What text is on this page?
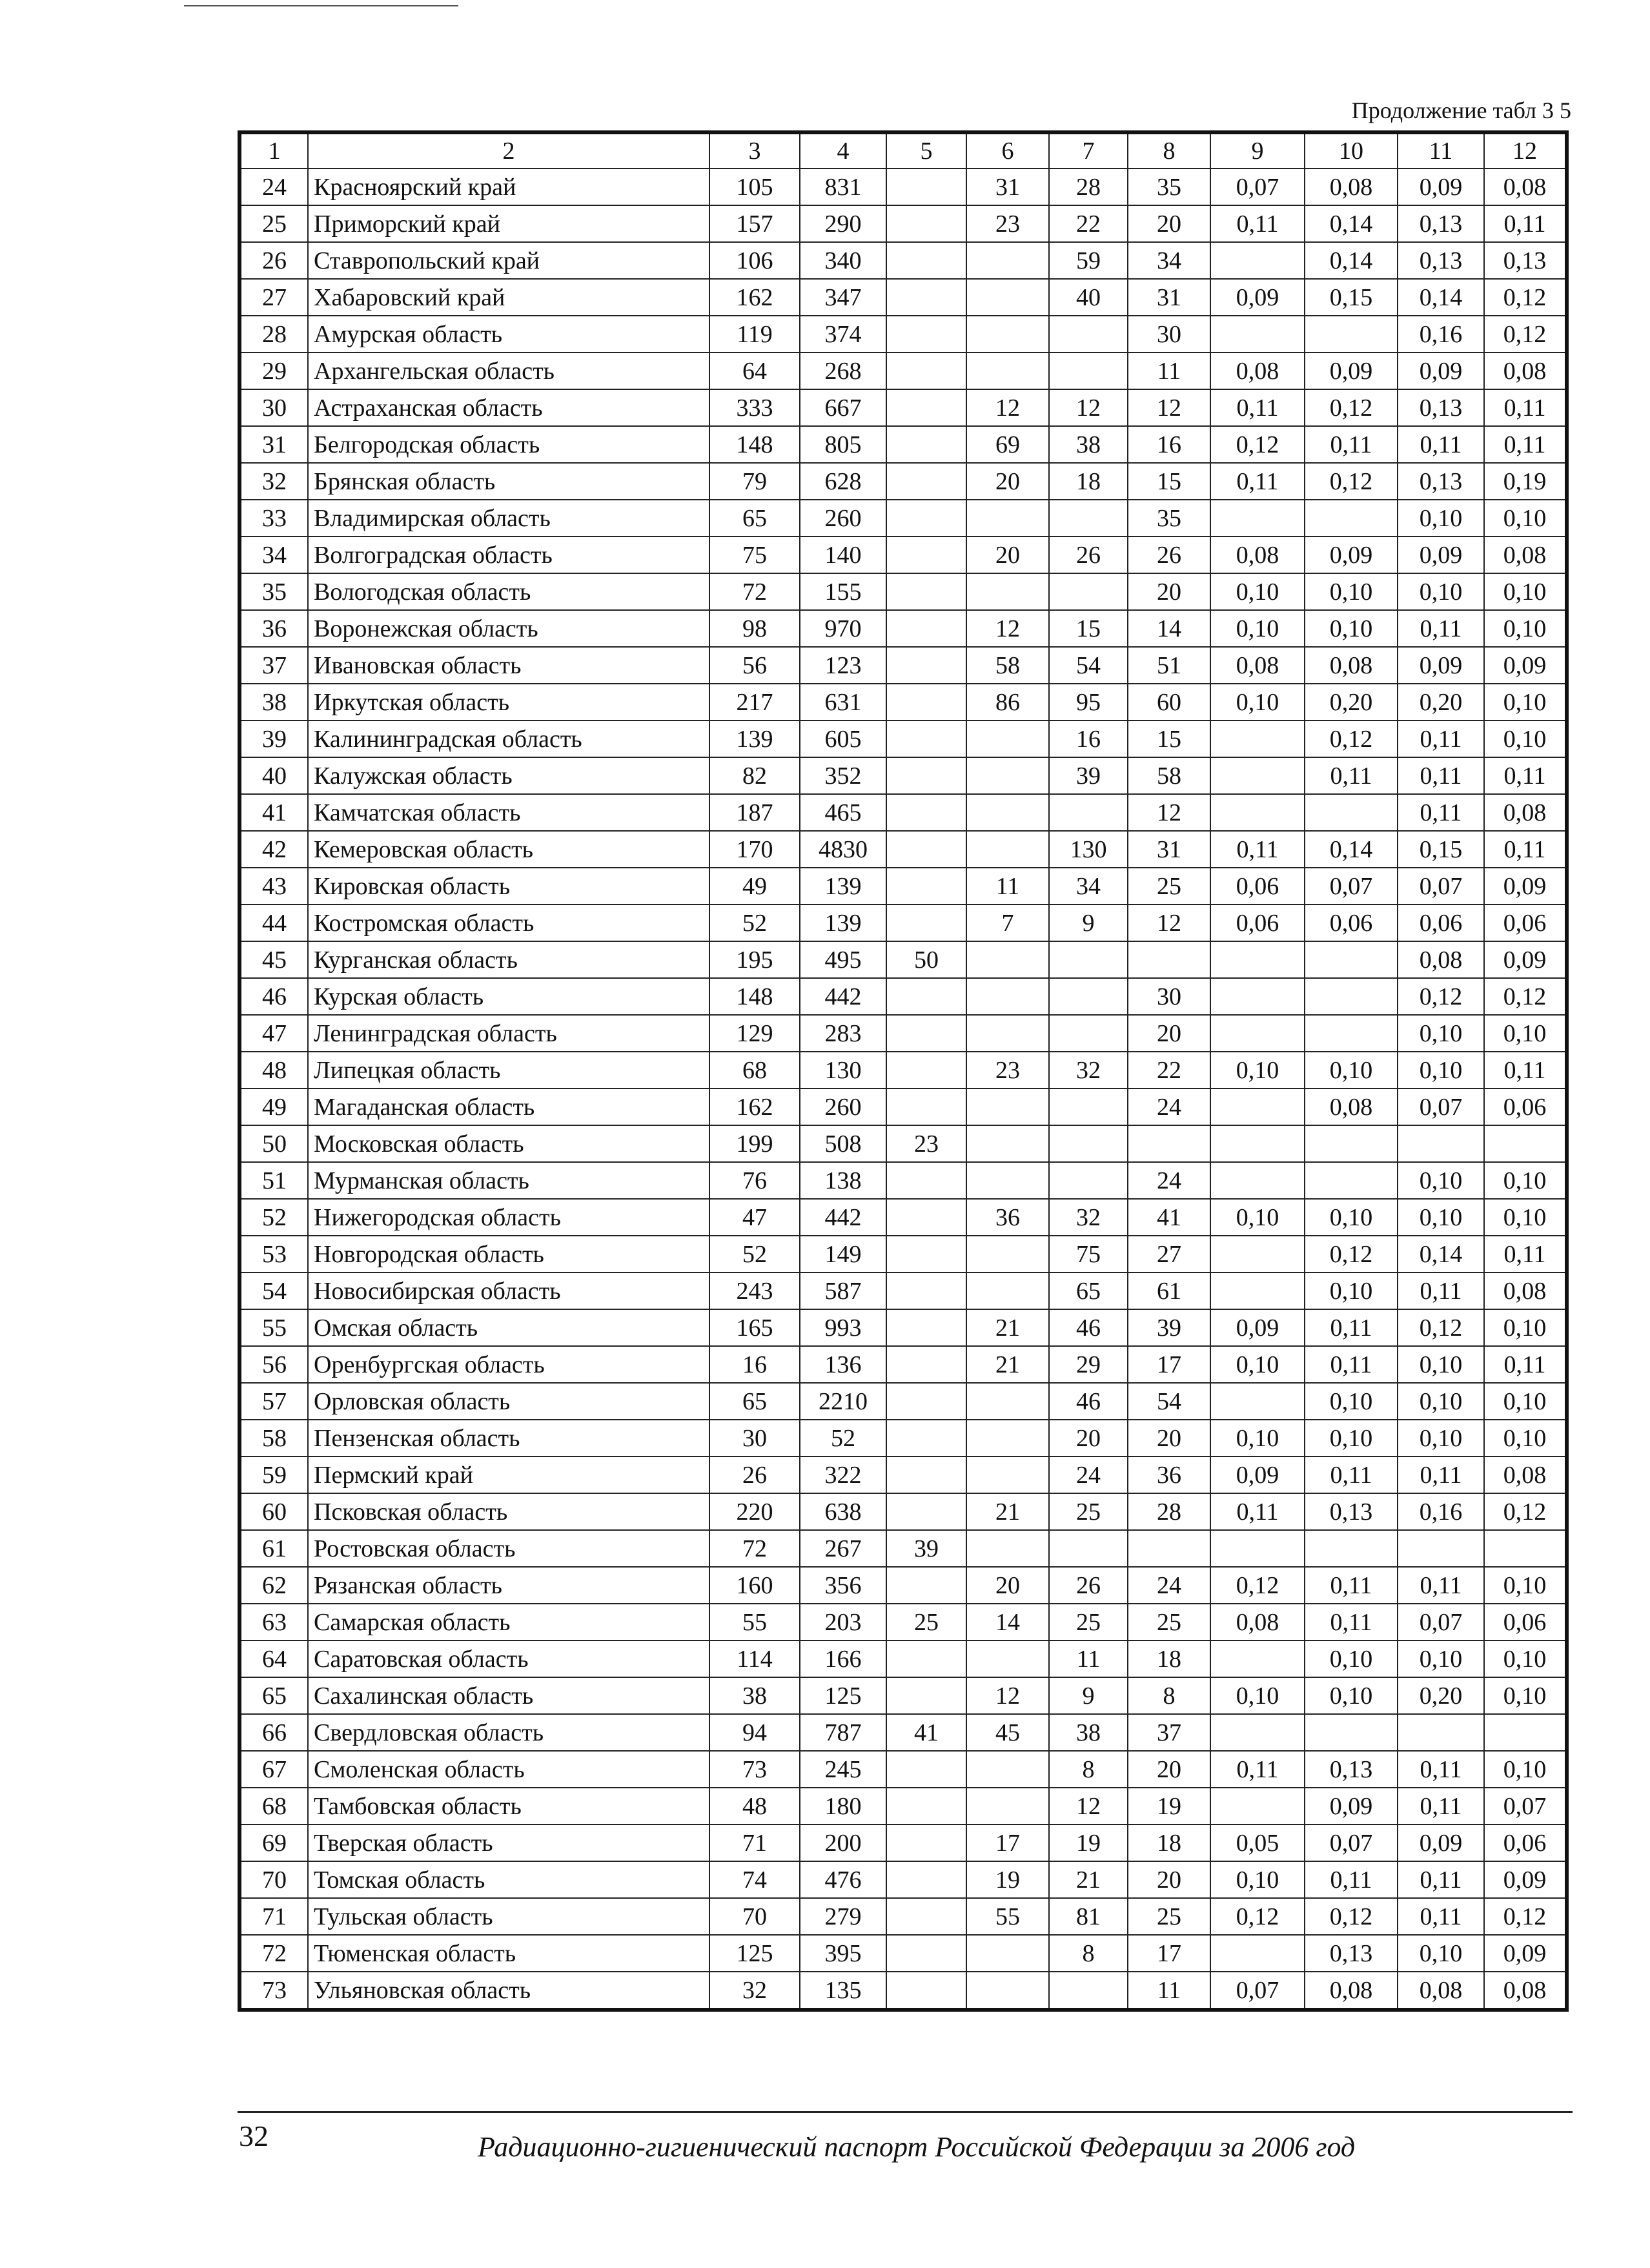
Продолжение табл 3 5
1	2	3	4	5	6	7	8	9	10	11	12
24	Красноярский край	105	831		31	28	35	0,07	0,08	0,09	0,08
25	Приморский край	157	290		23	22	20	0,11	0,14	0,13	0,11
26	Ставропольский край	106	340			59	34		0,14	0,13	0,13
27	Хабаровский край	162	347			40	31	0,09	0,15	0,14	0,12
28	Амурская область	119	374				30			0,16	0,12
29	Архангельская область	64	268				11	0,08	0,09	0,09	0,08
30	Астраханская область	333	667		12	12	12	0,11	0,12	0,13	0,11
31	Белгородская область	148	805		69	38	16	0,12	0,11	0,11	0,11
32	Брянская область	79	628		20	18	15	0,11	0,12	0,13	0,19
33	Владимирская область	65	260				35			0,10	0,10
34	Волгоградская область	75	140		20	26	26	0,08	0,09	0,09	0,08
35	Вологодская область	72	155				20	0,10	0,10	0,10	0,10
36	Воронежская область	98	970		12	15	14	0,10	0,10	0,11	0,10
37	Ивановская область	56	123		58	54	51	0,08	0,08	0,09	0,09
38	Иркутская область	217	631		86	95	60	0,10	0,20	0,20	0,10
39	Калининградская область	139	605			16	15		0,12	0,11	0,10
40	Калужская область	82	352			39	58		0,11	0,11	0,11
41	Камчатская область	187	465				12			0,11	0,08
42	Кемеровская область	170	4830			130	31	0,11	0,14	0,15	0,11
43	Кировская область	49	139		11	34	25	0,06	0,07	0,07	0,09
44	Костромская область	52	139		7	9	12	0,06	0,06	0,06	0,06
45	Курганская область	195	495	50						0,08	0,09
46	Курская область	148	442				30			0,12	0,12
47	Ленинградская область	129	283				20			0,10	0,10
48	Липецкая область	68	130		23	32	22	0,10	0,10	0,10	0,11
49	Магаданская область	162	260				24		0,08	0,07	0,06
50	Московская область	199	508	23							
51	Мурманская область	76	138				24			0,10	0,10
52	Нижегородская область	47	442		36	32	41	0,10	0,10	0,10	0,10
53	Новгородская область	52	149			75	27		0,12	0,14	0,11
54	Новосибирская область	243	587			65	61		0,10	0,11	0,08
55	Омская область	165	993		21	46	39	0,09	0,11	0,12	0,10
56	Оренбургская область	16	136		21	29	17	0,10	0,11	0,10	0,11
57	Орловская область	65	2210			46	54		0,10	0,10	0,10
58	Пензенская область	30	52			20	20	0,10	0,10	0,10	0,10
59	Пермский край	26	322			24	36	0,09	0,11	0,11	0,08
60	Псковская область	220	638		21	25	28	0,11	0,13	0,16	0,12
61	Ростовская область	72	267	39							
62	Рязанская область	160	356		20	26	24	0,12	0,11	0,11	0,10
63	Самарская область	55	203	25	14	25	25	0,08	0,11	0,07	0,06
64	Саратовская область	114	166			11	18		0,10	0,10	0,10
65	Сахалинская область	38	125		12	9	8	0,10	0,10	0,20	0,10
66	Свердловская область	94	787	41	45	38	37				
67	Смоленская область	73	245			8	20	0,11	0,13	0,11	0,10
68	Тамбовская область	48	180			12	19		0,09	0,11	0,07
69	Тверская область	71	200		17	19	18	0,05	0,07	0,09	0,06
70	Томская область	74	476		19	21	20	0,10	0,11	0,11	0,09
71	Тульская область	70	279		55	81	25	0,12	0,12	0,11	0,12
72	Тюменская область	125	395			8	17		0,13	0,10	0,09
73	Ульяновская область	32	135				11	0,07	0,08	0,08	0,08
32	Радиационно-гигиенический паспорт Российской Федерации за 2006 год
